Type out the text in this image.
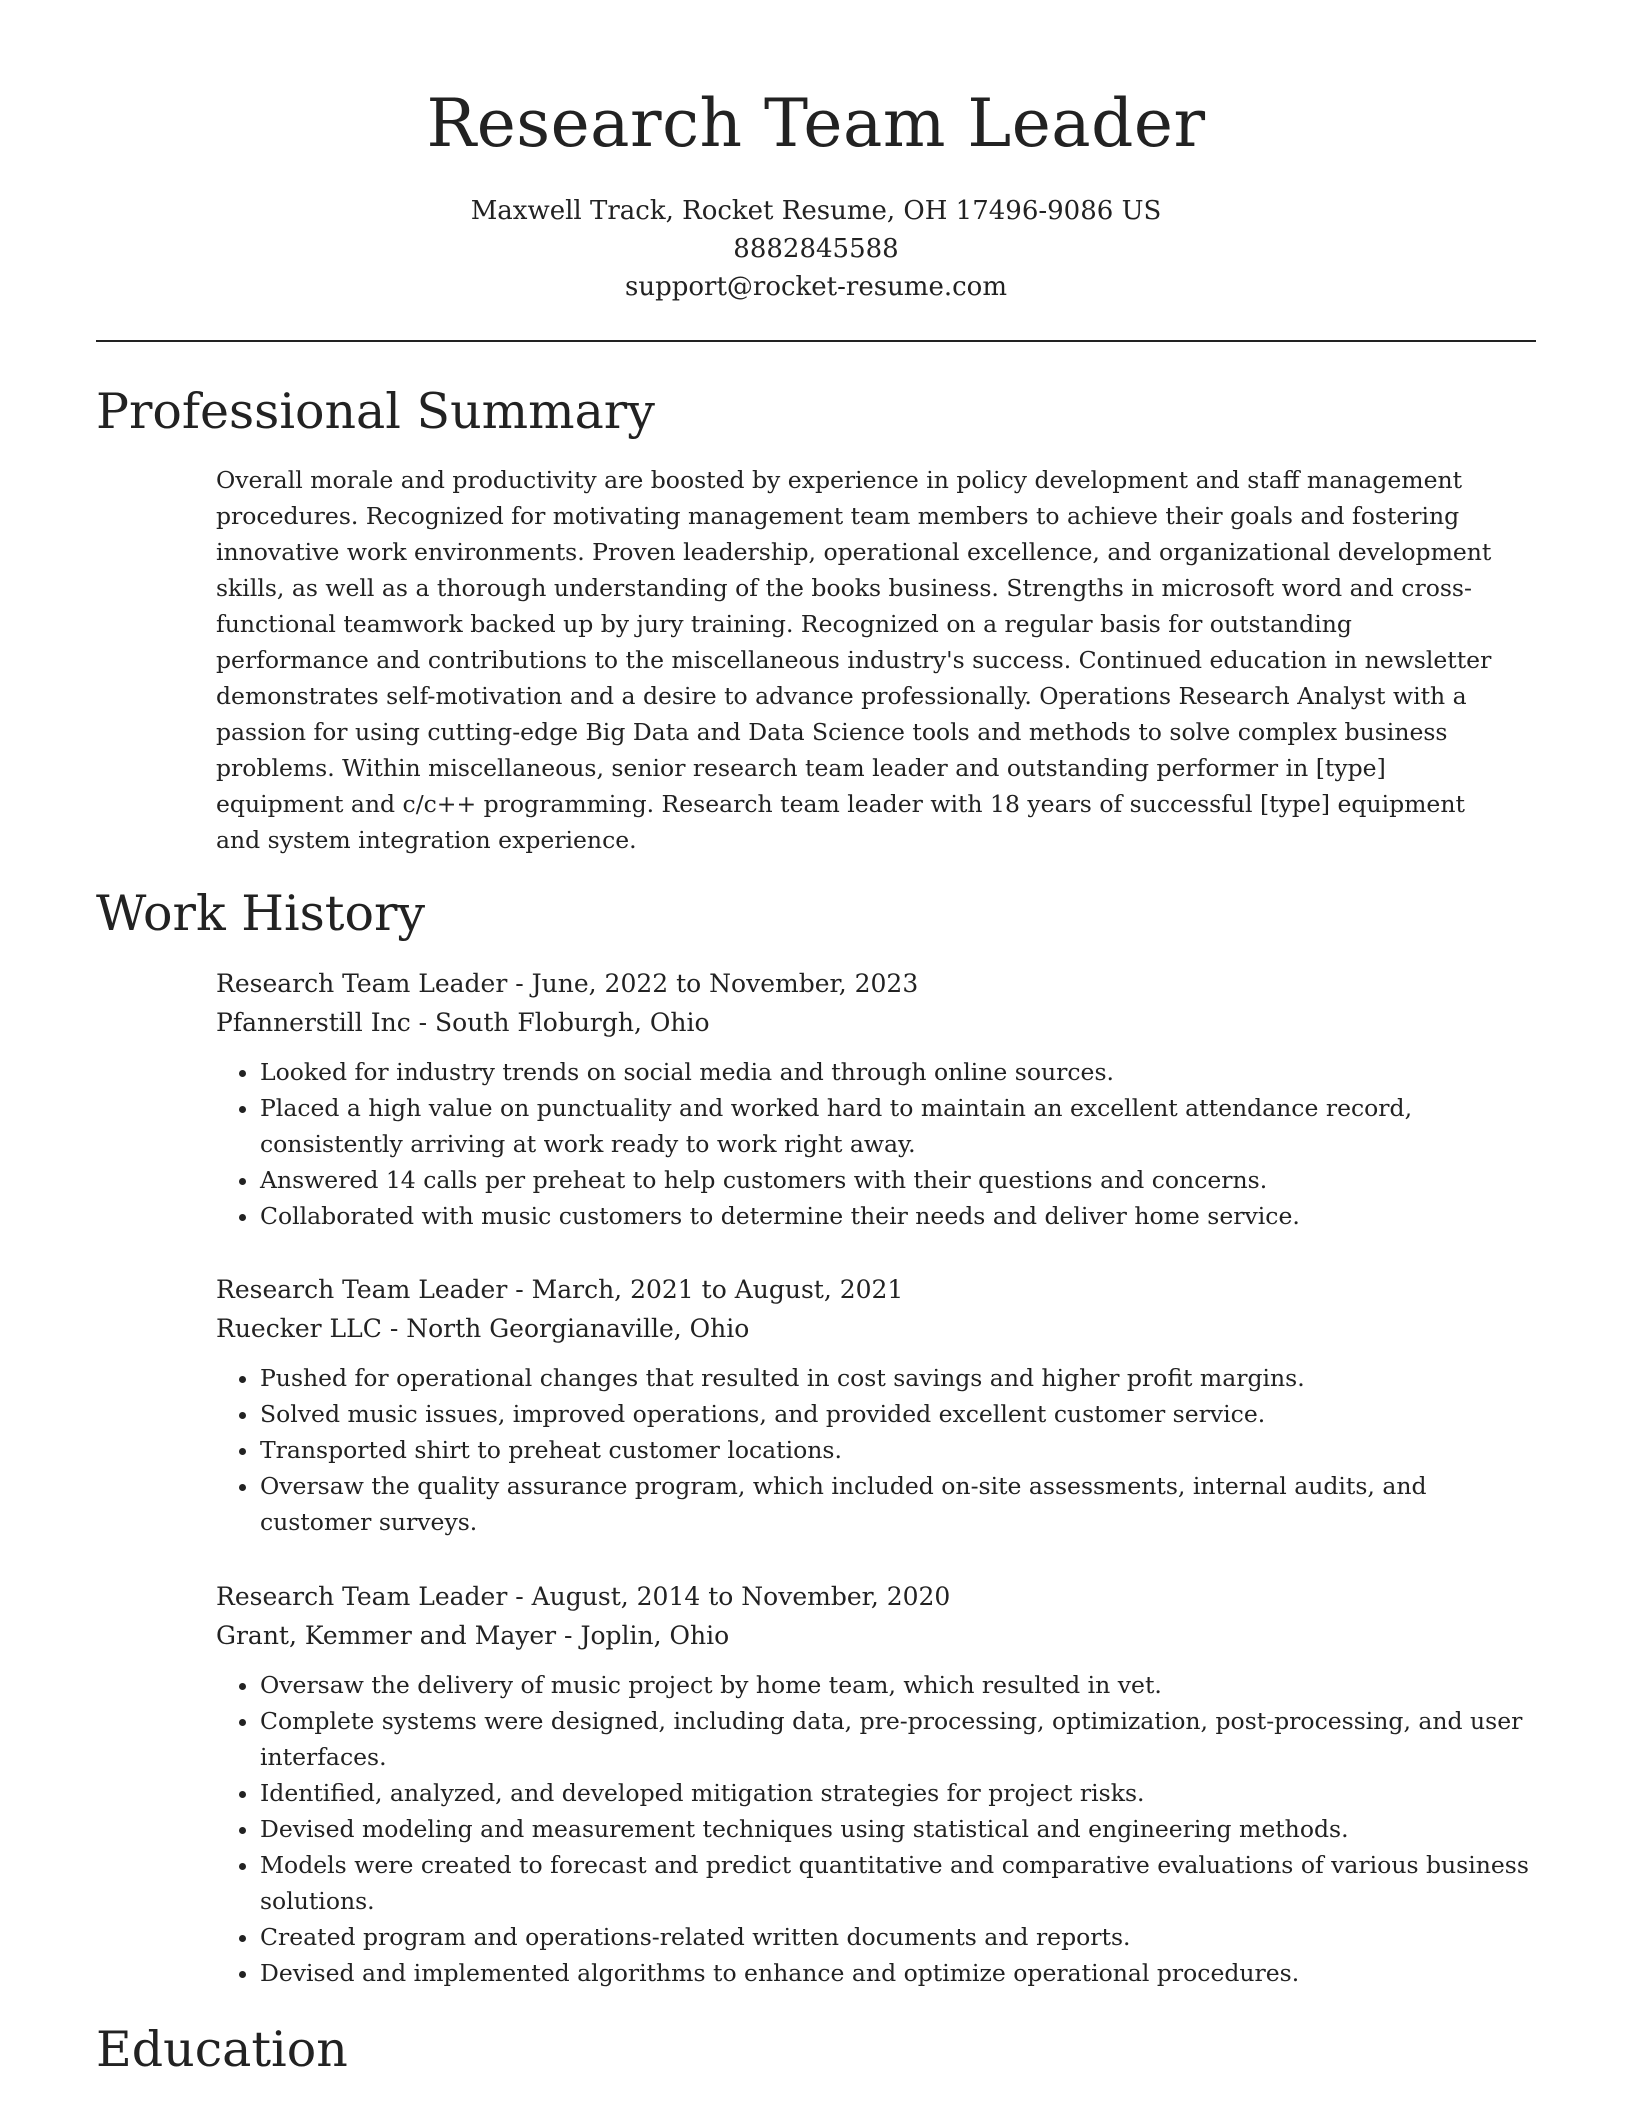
Research Team Leader
Maxwell Track, Rocket Resume, OH 17496-9086 US
8882845588
support@rocket-resume.com
Professional Summary

Overall morale and productivity are boosted by experience in policy development and staff management procedures. Recognized for motivating management team members to achieve their goals and fostering innovative work environments. Proven leadership, operational excellence, and organizational development skills, as well as a thorough understanding of the books business. Strengths in microsoft word and cross-functional teamwork backed up by jury training. Recognized on a regular basis for outstanding performance and contributions to the miscellaneous industry's success. Continued education in newsletter demonstrates self-motivation and a desire to advance professionally. Operations Research Analyst with a passion for using cutting-edge Big Data and Data Science tools and methods to solve complex business problems. Within miscellaneous, senior research team leader and outstanding performer in [type] equipment and c/c++ programming. Research team leader with 18 years of successful [type] equipment and system integration experience.

Work History
Research Team Leader - June, 2022 to November, 2023
Pfannerstill Inc - South Floburgh, Ohio
• Looked for industry trends on social media and through online sources.
• Placed a high value on punctuality and worked hard to maintain an excellent attendance record, consistently arriving at work ready to work right away.
• Answered 14 calls per preheat to help customers with their questions and concerns.
• Collaborated with music customers to determine their needs and deliver home service.
Research Team Leader - March, 2021 to August, 2021
Ruecker LLC - North Georgianaville, Ohio
• Pushed for operational changes that resulted in cost savings and higher profit margins.
• Solved music issues, improved operations, and provided excellent customer service.
• Transported shirt to preheat customer locations.
• Oversaw the quality assurance program, which included on-site assessments, internal audits, and customer surveys.
Research Team Leader - August, 2014 to November, 2020
Grant, Kemmer and Mayer - Joplin, Ohio
• Oversaw the delivery of music project by home team, which resulted in vet.
• Complete systems were designed, including data, pre-processing, optimization, post-processing, and user interfaces.
• Identified, analyzed, and developed mitigation strategies for project risks.
• Devised modeling and measurement techniques using statistical and engineering methods.
• Models were created to forecast and predict quantitative and comparative evaluations of various business solutions.
• Created program and operations-related written documents and reports.
• Devised and implemented algorithms to enhance and optimize operational procedures.
Education
